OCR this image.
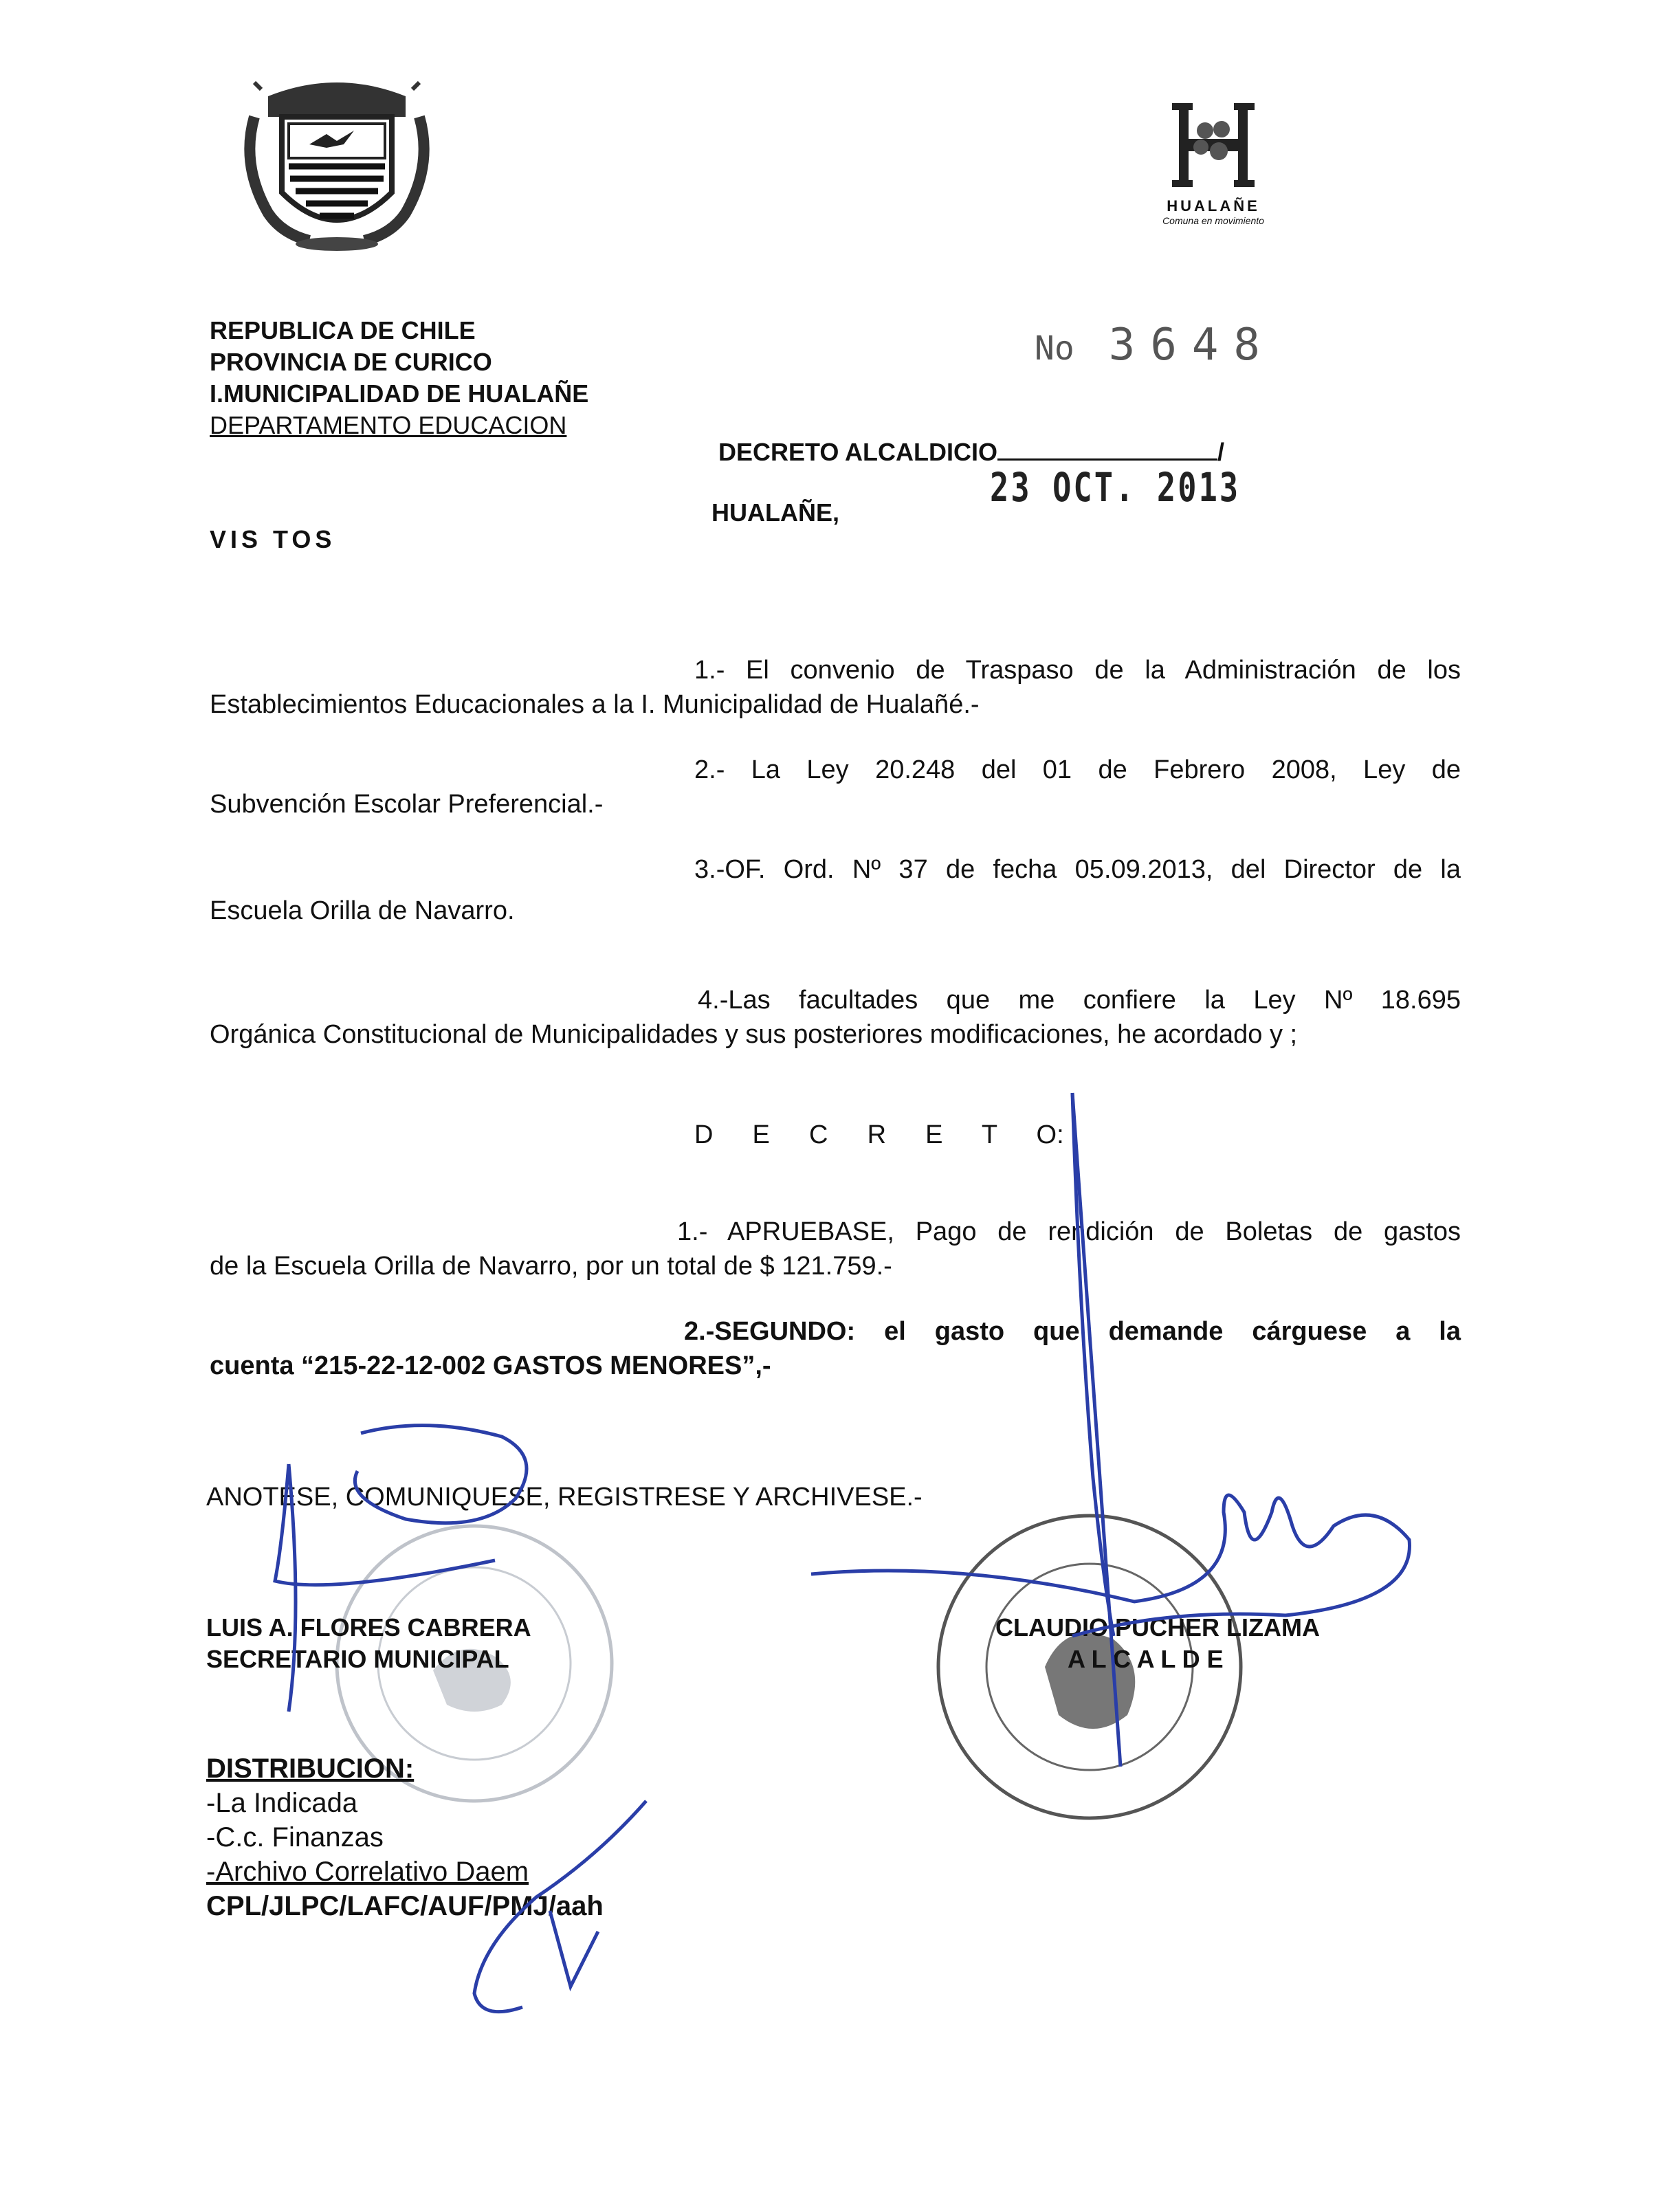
HUALAÑE
Comuna en movimiento
REPUBLICA DE CHILE
PROVINCIA DE CURICO
I.MUNICIPALIDAD DE HUALAÑE
DEPARTAMENTO EDUCACION
No 3648
DECRETO ALCALDICIO	/
23 OCT. 2013
HUALAÑE,
VIS TOS
1.- El convenio de Traspaso de la Administración de los
Establecimientos Educacionales a la I. Municipalidad de Hualañé.-
2.- La Ley 20.248 del 01 de Febrero 2008, Ley de
Subvención Escolar Preferencial.-
3.-OF. Ord. Nº 37 de fecha 05.09.2013, del Director de la
Escuela Orilla de Navarro.
4.-Las facultades que me confiere la Ley Nº 18.695
Orgánica Constitucional de Municipalidades y sus posteriores modificaciones, he acordado y ;
D  E  C  R  E  T  O:
1.- APRUEBASE, Pago de rendición de Boletas de gastos
de la Escuela Orilla de Navarro, por un total de $ 121.759.-
2.-SEGUNDO: el gasto que demande cárguese a la
cuenta “215-22-12-002 GASTOS MENORES”,-
ANOTESE, COMUNIQUESE, REGISTRESE Y ARCHIVESE.-
LUIS A. FLORES CABRERA
SECRETARIO MUNICIPAL
CLAUDIO PUCHER LIZAMA
A L C A L D E
DISTRIBUCION:
-La Indicada
-C.c. Finanzas
-Archivo Correlativo Daem
CPL/JLPC/LAFC/AUF/PMJ/aah
